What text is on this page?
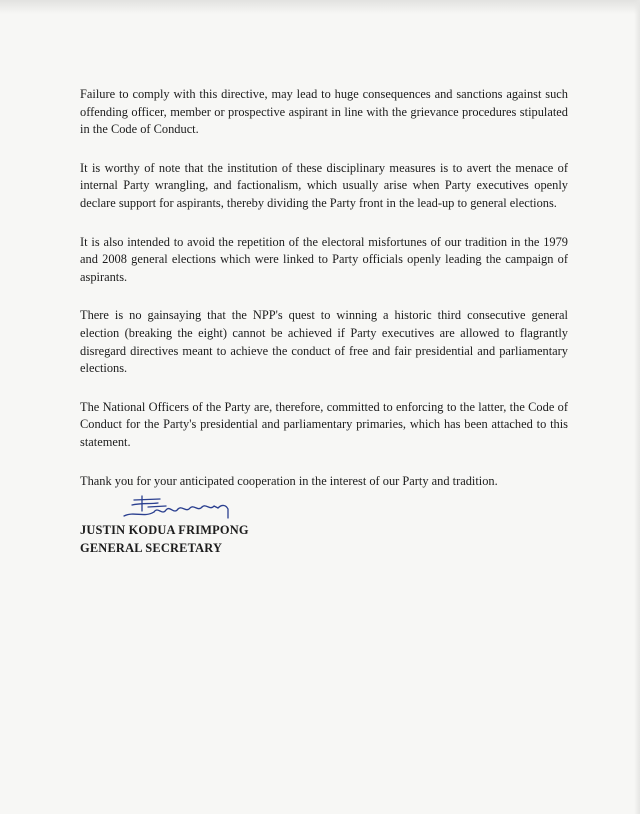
Failure to comply with this directive, may lead to huge consequences and sanctions against such offending officer, member or prospective aspirant in line with the grievance procedures stipulated in the Code of Conduct.

It is worthy of note that the institution of these disciplinary measures is to avert the menace of internal Party wrangling, and factionalism, which usually arise when Party executives openly declare support for aspirants, thereby dividing the Party front in the lead-up to general elections.

It is also intended to avoid the repetition of the electoral misfortunes of our tradition in the 1979 and 2008 general elections which were linked to Party officials openly leading the campaign of aspirants.

There is no gainsaying that the NPP's quest to winning a historic third consecutive general election (breaking the eight) cannot be achieved if Party executives are allowed to flagrantly disregard directives meant to achieve the conduct of free and fair presidential and parliamentary elections.

The National Officers of the Party are, therefore, committed to enforcing to the latter, the Code of Conduct for the Party's presidential and parliamentary primaries, which has been attached to this statement.

Thank you for your anticipated cooperation in the interest of our Party and tradition.

JUSTIN KODUA FRIMPONG

GENERAL SECRETARY
